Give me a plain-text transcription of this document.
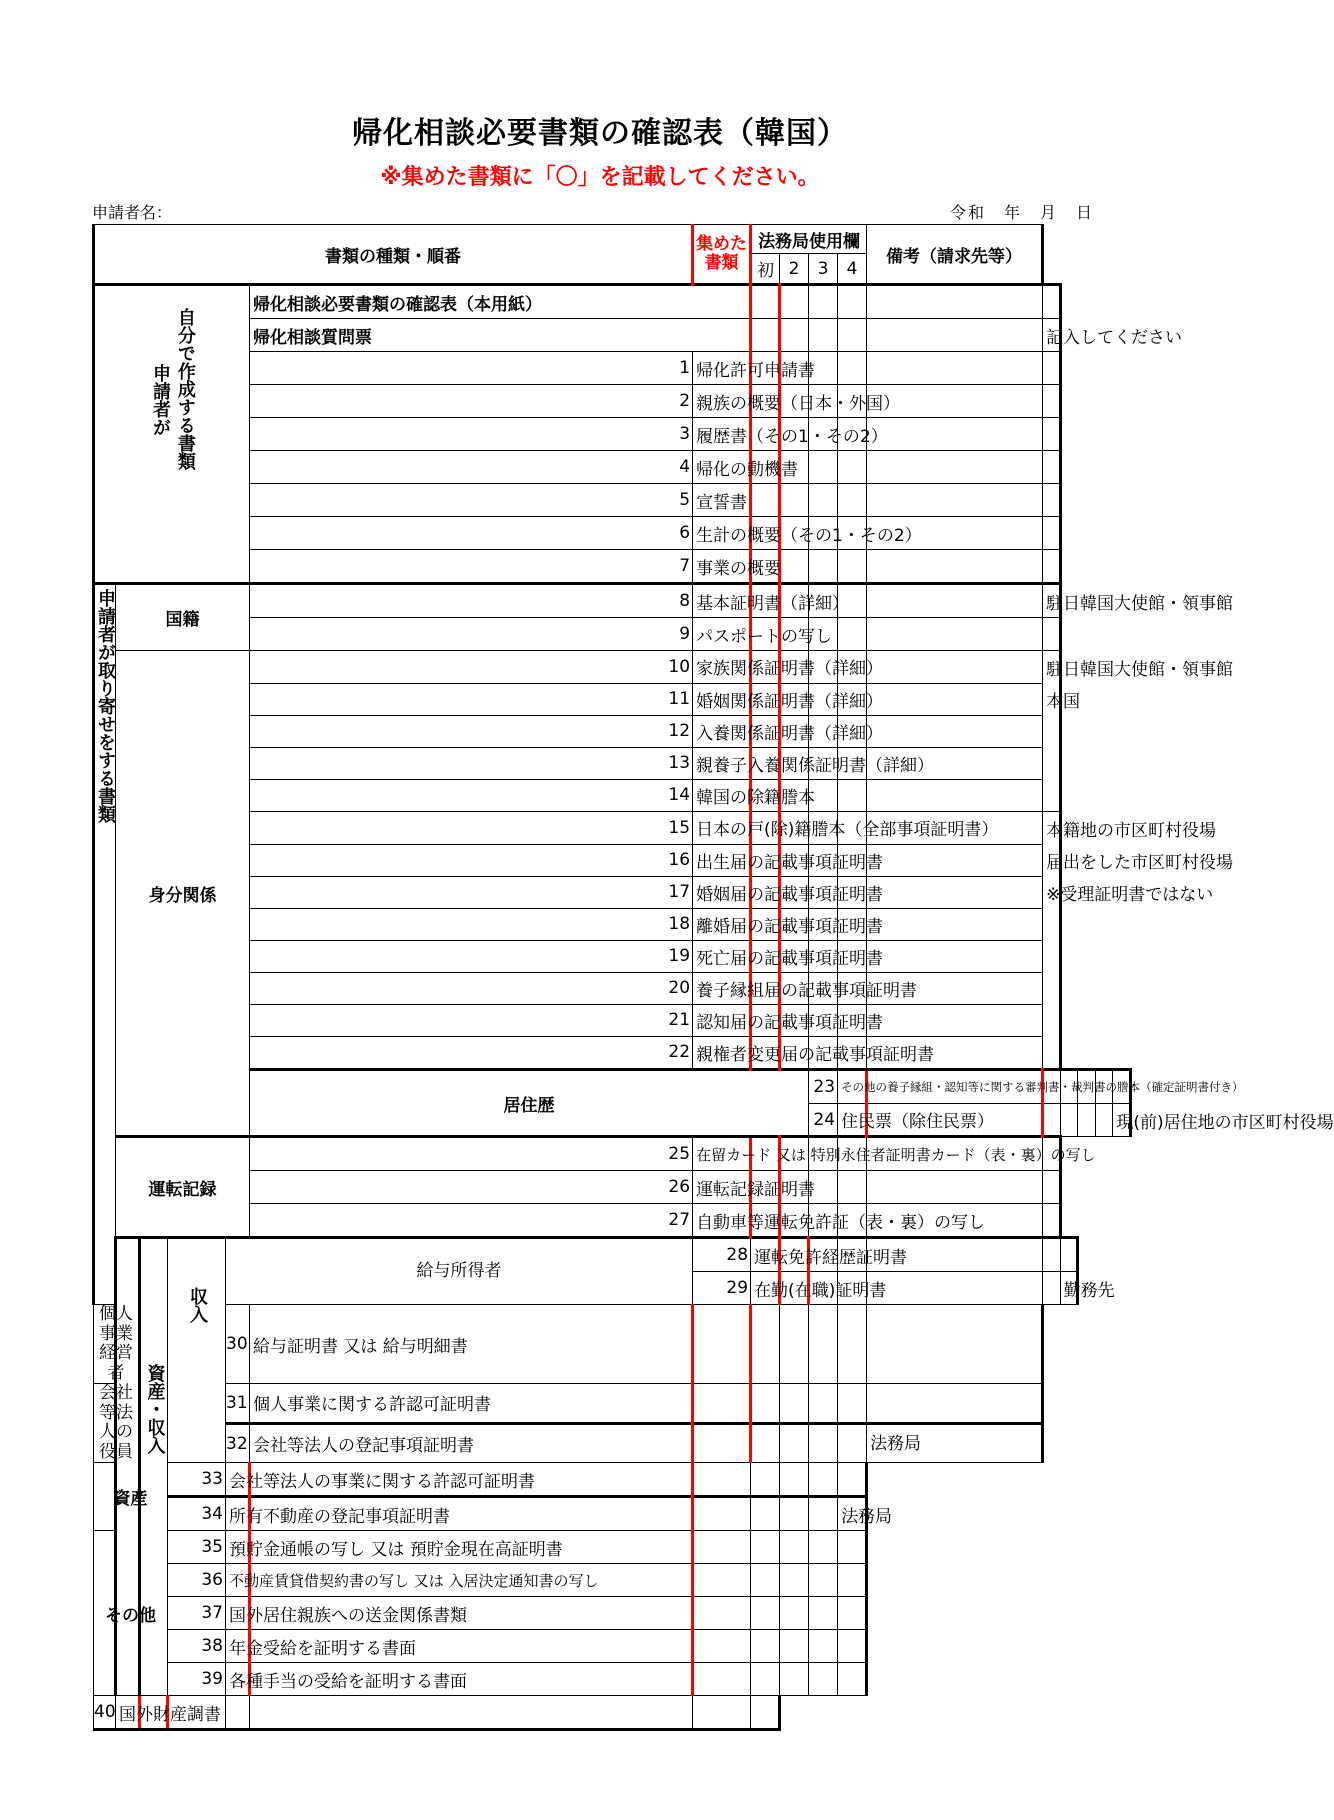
帰化相談必要書類の確認表（韓国）
※集めた書類に「〇」を記載してください。
申請者名：	令和　年　月　日
書類の種類・順番						集めた書類	法務局使用欄				備考（請求先等）					
							初	2	3	4						

申請者が 自分で作成する書類					帰化相談必要書類の確認表（本用紙）											
					帰化相談質問票							記入してください				
					1	帰化許可申請書										
					2	親族の概要（日本・外国）										
					3	履歴書（その1・その2）										
					4	帰化の動機書										
					5	宣誓書										
					6	生計の概要（その1・その2）										
					7	事業の概要										

申請者が取り寄せをする書類	国籍				8	基本証明書（詳細）						駐日韓国大使館・領事館				
					9	パスポートの写し										
	身分関係				10	家族関係証明書（詳細）						駐日韓国大使館・領事館				
					11	婚姻関係証明書（詳細）						本国				
					12	入養関係証明書（詳細）										
					13	親養子入養関係証明書（詳細）										
					14	韓国の除籍謄本										
					15	日本の戸(除)籍謄本（全部事項証明書）						本籍地の市区町村役場				
					16	出生届の記載事項証明書						届出をした市区町村役場				
					17	婚姻届の記載事項証明書						※受理証明書ではない				
					18	離婚届の記載事項証明書										
					19	死亡届の記載事項証明書										
					20	養子縁組届の記載事項証明書										
					21	認知届の記載事項証明書										
					22	親権者変更届の記載事項証明書										
					居住歴				23	その他の養子縁組・認知等に関する審判書・裁判書の謄本（確定証明書付き）						
									24	住民票（除住民票）						現(前)居住地の市区町村役場
	運転記録				25	在留カード 又は 特別永住者証明書カード（表・裏）の写し										
					26	運転記録証明書										
					27	自動車等運転免許証（表・裏）の写し										

		資産・収入	収入	給与所得者		28	運転免許経歴証明書									
						29	在勤(在職)証明書						勤務先			
個人事業経営者				30	給与証明書 又は 給与明細書											
会社等法人の役員				31	個人事業に関する許認可証明書											
				32	会社等法人の登記事項証明書						法務局					
資産			33	会社等法人の事業に関する許認可証明書												
			34	所有不動産の登記事項証明書						法務局						
その他			35	預貯金通帳の写し 又は 預貯金現在高証明書												
			36	不動産賃貸借契約書の写し 又は 入居決定通知書の写し												
			37	国外居住親族への送金関係書類												
			38	年金受給を証明する書面												
			39	各種手当の受給を証明する書面												
40	国外財産調書															
